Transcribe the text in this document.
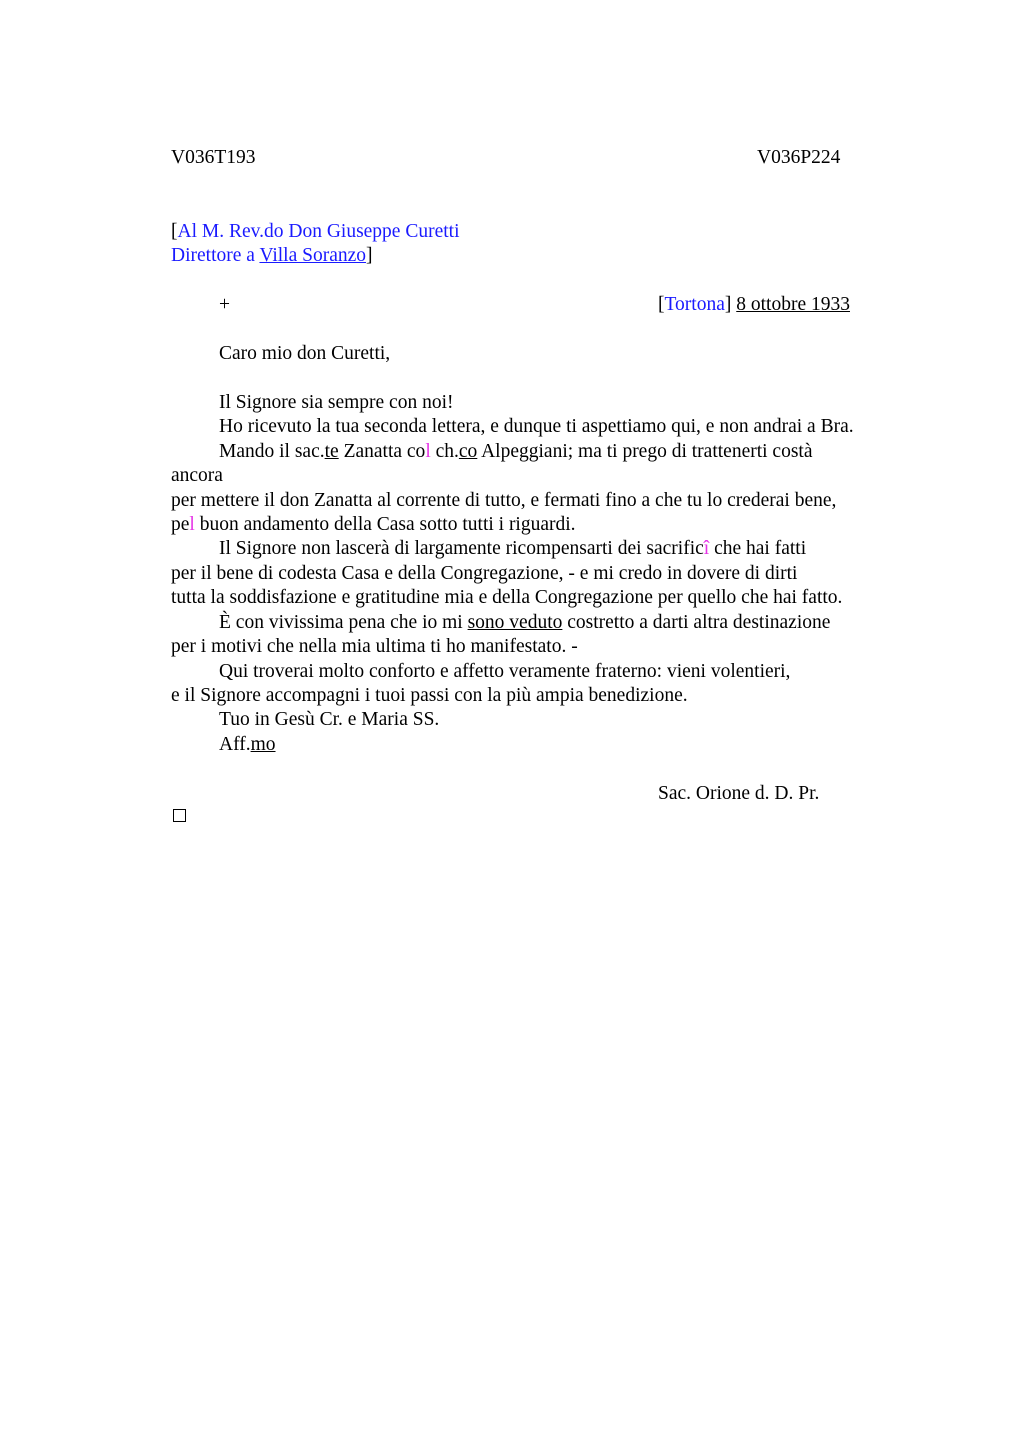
V036T193	V036P224
[Al M. Rev.do Don Giuseppe Curetti
Direttore a Villa Soranzo]
+	[Tortona] 8 ottobre 1933
Caro mio don Curetti,
Il Signore sia sempre con noi!
Ho ricevuto la tua seconda lettera, e dunque ti aspettiamo qui, e non andrai a Bra.
Mando il sac.te Zanatta col ch.co Alpeggiani; ma ti prego di trattenerti costà
ancora
per mettere il don Zanatta al corrente di tutto, e fermati fino a che tu lo crederai bene,
pel buon andamento della Casa sotto tutti i riguardi.
Il Signore non lascerà di largamente ricompensarti dei sacrificî che hai fatti
per il bene di codesta Casa e della Congregazione, - e mi credo in dovere di dirti
tutta la soddisfazione e gratitudine mia e della Congregazione per quello che hai fatto.
È con vivissima pena che io mi sono veduto costretto a darti altra destinazione
per i motivi che nella mia ultima ti ho manifestato. -
Qui troverai molto conforto e affetto veramente fraterno: vieni volentieri,
e il Signore accompagni i tuoi passi con la più ampia benedizione.
Tuo in Gesù Cr. e Maria SS.
Aff.mo
Sac. Orione d. D. Pr.
